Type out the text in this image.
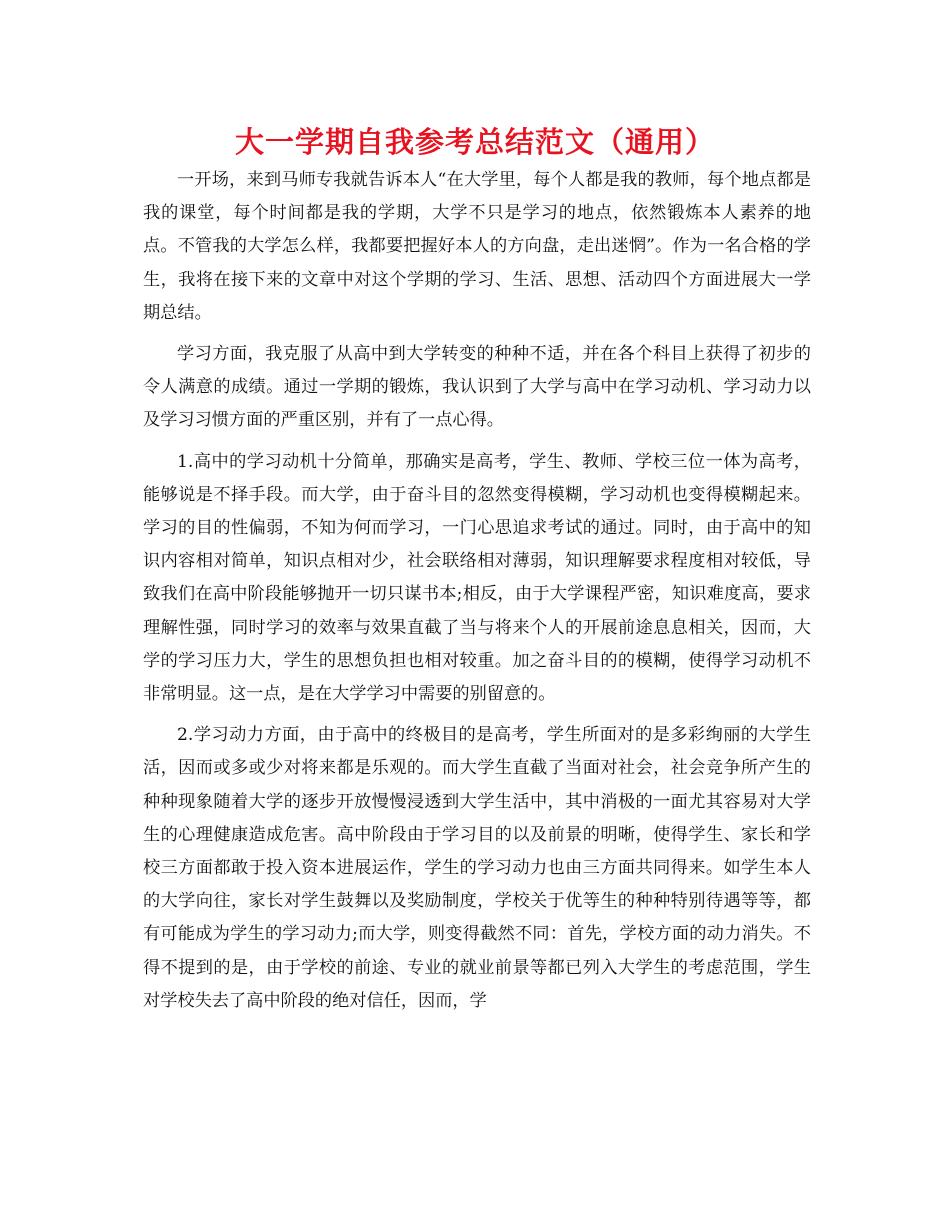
大一学期自我参考总结范文（通用）

一开场，来到马师专我就告诉本人“在大学里，每个人都是我的教师，每个地点都是我的课堂，每个时间都是我的学期，大学不只是学习的地点，依然锻炼本人素养的地点。不管我的大学怎么样，我都要把握好本人的方向盘，走出迷惘”。作为一名合格的学生，我将在接下来的文章中对这个学期的学习、生活、思想、活动四个方面进展大一学期总结。

学习方面，我克服了从高中到大学转变的种种不适，并在各个科目上获得了初步的令人满意的成绩。通过一学期的锻炼，我认识到了大学与高中在学习动机、学习动力以及学习习惯方面的严重区别，并有了一点心得。

1.高中的学习动机十分简单，那确实是高考，学生、教师、学校三位一体为高考，能够说是不择手段。而大学，由于奋斗目的忽然变得模糊，学习动机也变得模糊起来。学习的目的性偏弱，不知为何而学习，一门心思追求考试的通过。同时，由于高中的知识内容相对简单，知识点相对少，社会联络相对薄弱，知识理解要求程度相对较低，导致我们在高中阶段能够抛开一切只谋书本;相反，由于大学课程严密，知识难度高，要求理解性强，同时学习的效率与效果直截了当与将来个人的开展前途息息相关，因而，大学的学习压力大，学生的思想负担也相对较重。加之奋斗目的的模糊，使得学习动机不非常明显。这一点，是在大学学习中需要的别留意的。

2.学习动力方面，由于高中的终极目的是高考，学生所面对的是多彩绚丽的大学生活，因而或多或少对将来都是乐观的。而大学生直截了当面对社会，社会竞争所产生的种种现象随着大学的逐步开放慢慢浸透到大学生活中，其中消极的一面尤其容易对大学生的心理健康造成危害。高中阶段由于学习目的以及前景的明晰，使得学生、家长和学校三方面都敢于投入资本进展运作，学生的学习动力也由三方面共同得来。如学生本人的大学向往，家长对学生鼓舞以及奖励制度，学校关于优等生的种种特别待遇等等，都有可能成为学生的学习动力;而大学，则变得截然不同：首先，学校方面的动力消失。不得不提到的是，由于学校的前途、专业的就业前景等都已列入大学生的考虑范围，学生对学校失去了高中阶段的绝对信任，因而，学
